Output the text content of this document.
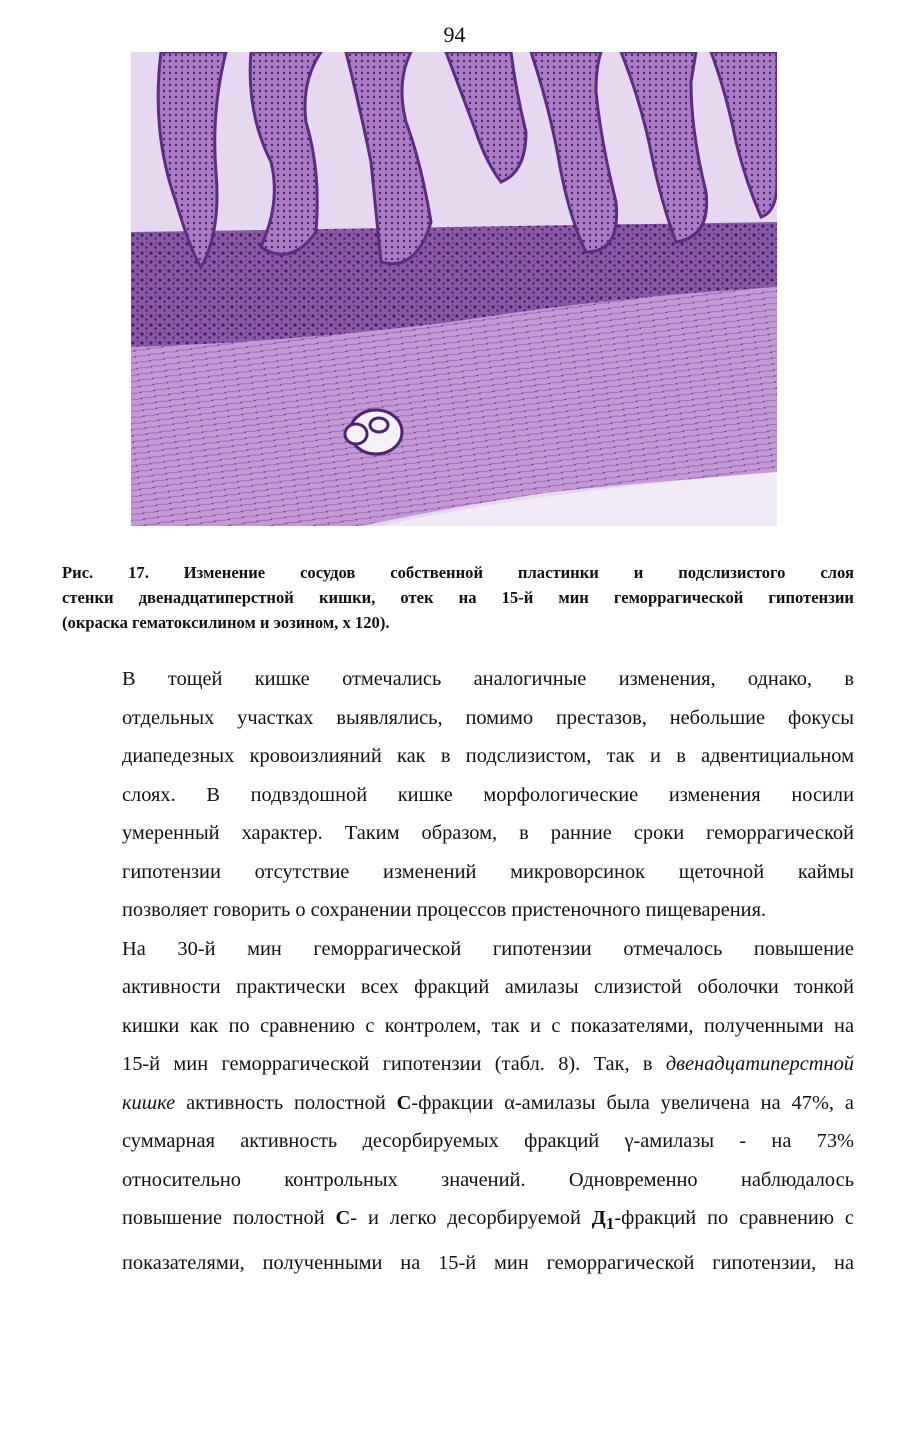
94

Рис. 17. Изменение сосудов собственной пластинки и подслизистого слоя
стенки двенадцатиперстной кишки, отек на 15-й мин геморрагической гипотензии
(окраска гематоксилином и эозином, х 120).

В тощей кишке отмечались аналогичные изменения, однако, в
отдельных участках выявлялись, помимо престазов, небольшие фокусы
диапедезных кровоизлияний как в подслизистом, так и в адвентициальном
слоях. В подвздошной кишке морфологические изменения носили
умеренный характер. Таким образом, в ранние сроки геморрагической
гипотензии отсутствие изменений микроворсинок щеточной каймы
позволяет говорить о сохранении процессов пристеночного пищеварения.

На 30-й мин геморрагической гипотензии отмечалось повышение
активности практически всех фракций амилазы слизистой оболочки тонкой
кишки как по сравнению с контролем, так и с показателями, полученными на
15-й мин геморрагической гипотензии (табл. 8). Так, в двенадцатиперстной
кишке активность полостной С-фракции α-амилазы была увеличена на 47%, а
суммарная активность десорбируемых фракций γ-амилазы - на 73%
относительно контрольных значений. Одновременно наблюдалось
повышение полостной С- и легко десорбируемой $Д_1$-фракций по сравнению с
показателями, полученными на 15-й мин геморрагической гипотензии, на
